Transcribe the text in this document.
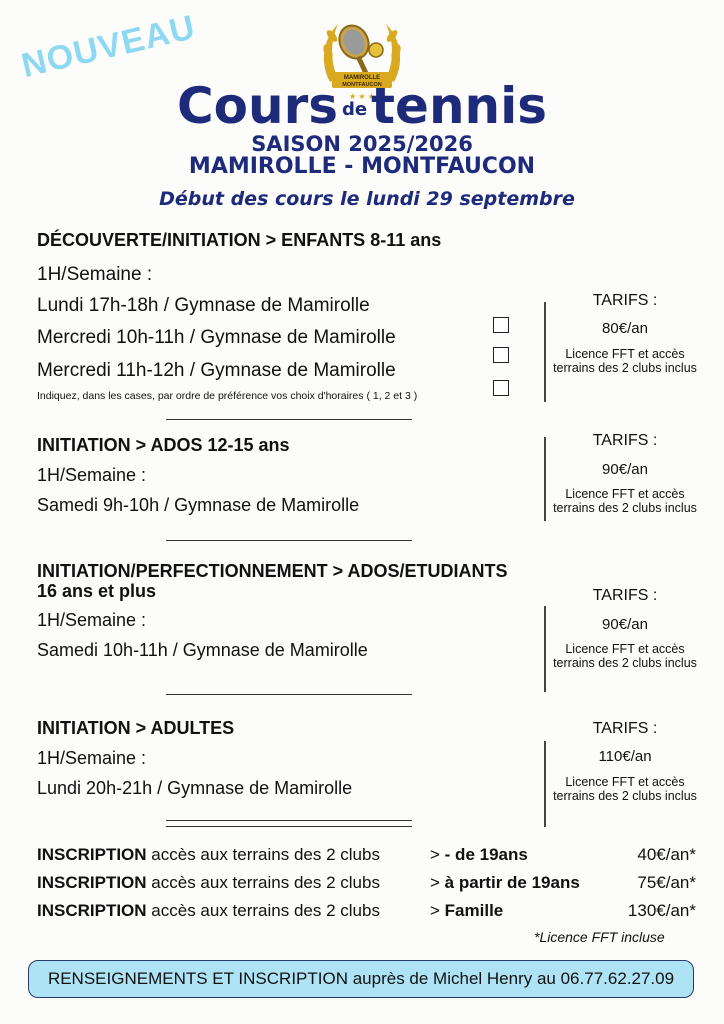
NOUVEAU	MAMIROLLE
MONTFAUCON
★ ★ ★
Cours detennis
SAISON 2025/2026
MAMIROLLE - MONTFAUCON
Début des cours le lundi 29 septembre
DÉCOUVERTE/INITIATION > ENFANTS 8-11 ans
1H/Semaine :
Lundi 17h-18h / Gymnase de Mamirolle
Mercredi 10h-11h / Gymnase de Mamirolle
Mercredi 11h-12h / Gymnase de Mamirolle
Indiquez, dans les cases, par ordre de préférence vos choix d'horaires ( 1, 2 et 3 )
TARIFS :
80€/an
Licence FFT et accès terrains des 2 clubs inclus
INITIATION > ADOS 12-15 ans
1H/Semaine :
Samedi 9h-10h / Gymnase de Mamirolle
TARIFS :
90€/an
Licence FFT et accès terrains des 2 clubs inclus
INITIATION/PERFECTIONNEMENT > ADOS/ETUDIANTS
16 ans et plus
1H/Semaine :
Samedi 10h-11h / Gymnase de Mamirolle
TARIFS :
90€/an
Licence FFT et accès terrains des 2 clubs inclus
INITIATION > ADULTES
1H/Semaine :
Lundi 20h-21h / Gymnase de Mamirolle
TARIFS :
110€/an
Licence FFT et accès terrains des 2 clubs inclus
INSCRIPTION accès aux terrains des 2 clubs	> - de 19ans	40€/an*
INSCRIPTION accès aux terrains des 2 clubs	> à partir de 19ans	75€/an*
INSCRIPTION accès aux terrains des 2 clubs	> Famille	130€/an*
*Licence FFT incluse
RENSEIGNEMENTS ET INSCRIPTION auprès de Michel Henry au 06.77.62.27.09
